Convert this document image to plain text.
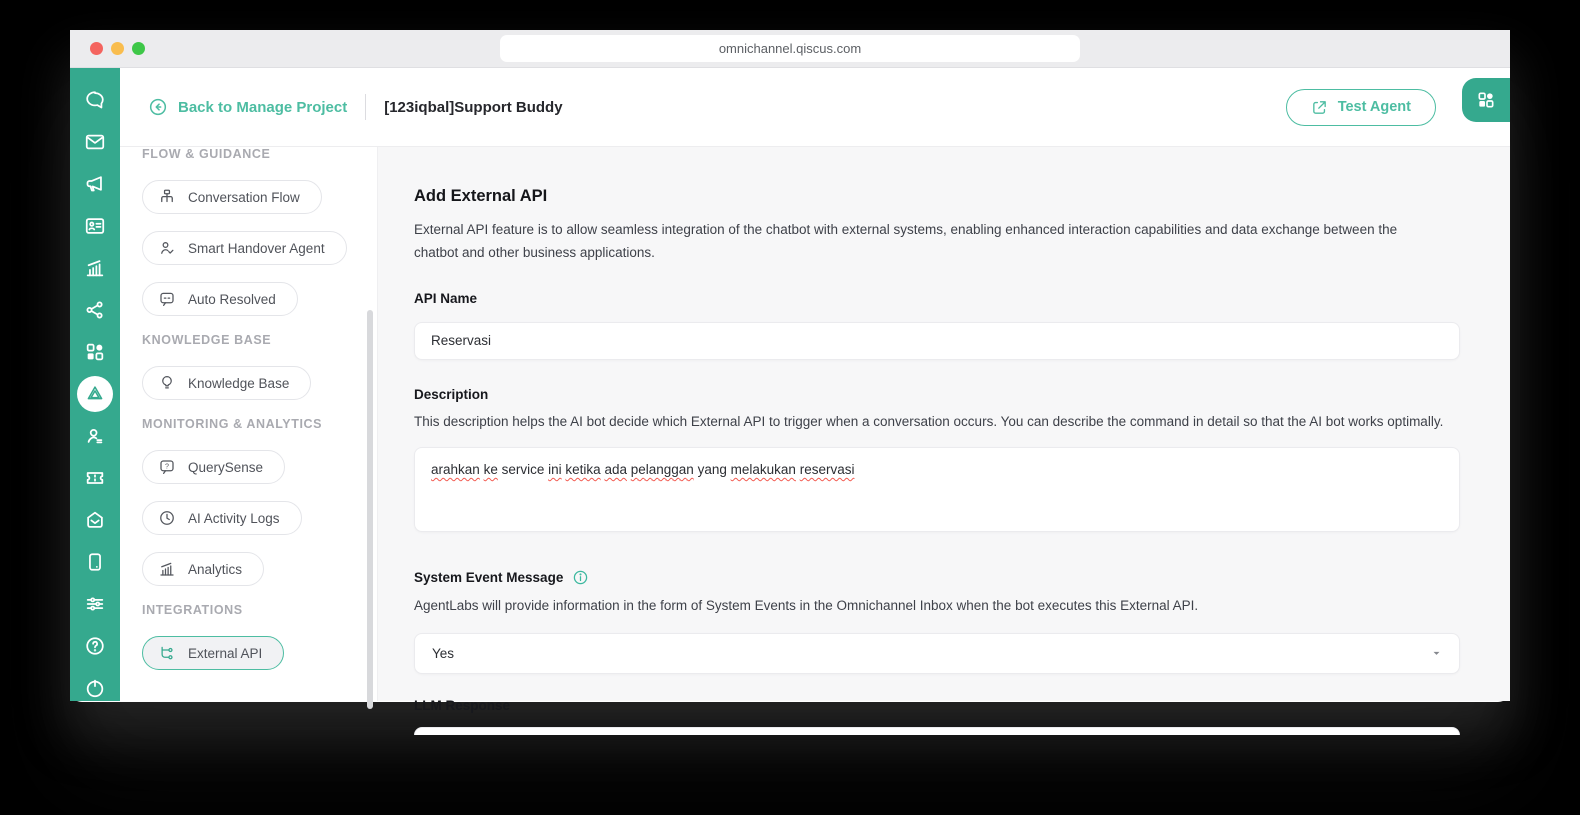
omnichannel.qiscus.com
Back to Manage Project [123iqbal]Support Buddy	Test Agent
FLOW & GUIDANCE
Conversation Flow
Smart Handover Agent
Auto Resolved
KNOWLEDGE BASE
Knowledge Base
MONITORING & ANALYTICS
? QuerySense
AI Activity Logs
Analytics
INTEGRATIONS
External API
Add External API
External API feature is to allow seamless integration of the chatbot with external systems, enabling enhanced interaction capabilities and data exchange between the chatbot and other business applications.
API Name
Reservasi
Description
This description helps the AI bot decide which External API to trigger when a conversation occurs. You can describe the command in detail so that the AI bot works optimally.
arahkan ke service ini ketika ada pelanggan yang melakukan reservasi
System Event Message
AgentLabs will provide information in the form of System Events in the Omnichannel Inbox when the bot executes this External API.
Yes
LLM Response
